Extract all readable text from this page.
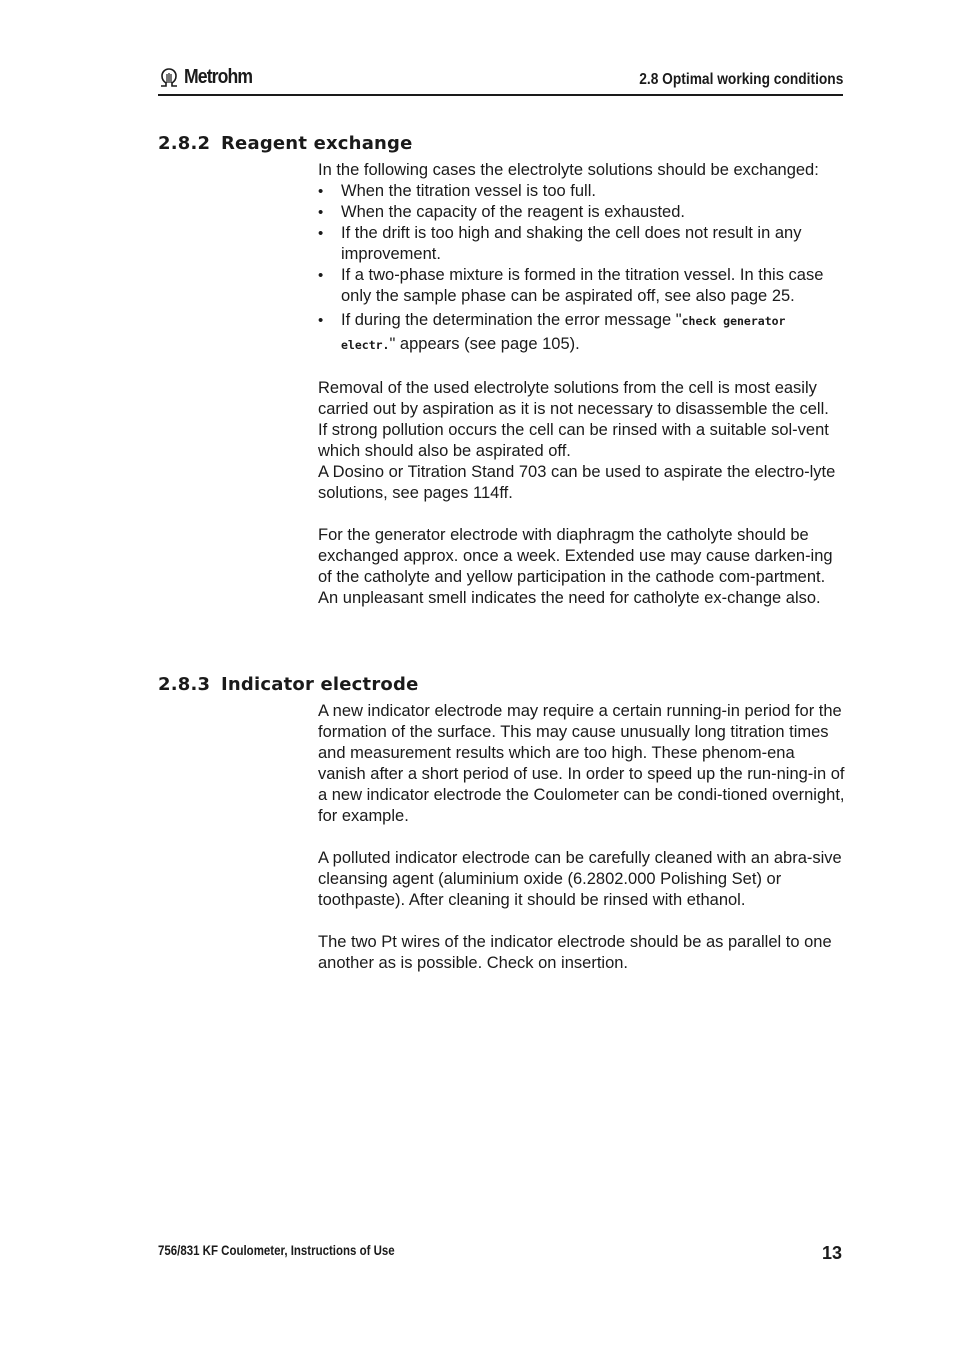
Metrohm	2.8 Optimal working conditions
2.8.2 Reagent exchange

In the following cases the electrolyte solutions should be exchanged:

• When the titration vessel is too full.
• When the capacity of the reagent is exhausted.
• If the drift is too high and shaking the cell does not result in any improvement.
• If a two-phase mixture is formed in the titration vessel. In this case only the sample phase can be aspirated off, see also page 25.
• If during the determination the error message "check generator electr." appears (see page 105).

Removal of the used electrolyte solutions from the cell is most easily carried out by aspiration as it is not necessary to disassemble the cell.

If strong pollution occurs the cell can be rinsed with a suitable sol-vent which should also be aspirated off.

A Dosino or Titration Stand 703 can be used to aspirate the electro-lyte solutions, see pages 114ff.

For the generator electrode with diaphragm the catholyte should be exchanged approx. once a week. Extended use may cause darken-ing of the catholyte and yellow participation in the cathode com-partment. An unpleasant smell indicates the need for catholyte ex-change also.

2.8.3 Indicator electrode

A new indicator electrode may require a certain running-in period for the formation of the surface. This may cause unusually long titration times and measurement results which are too high. These phenom-ena vanish after a short period of use. In order to speed up the run-ning-in of a new indicator electrode the Coulometer can be condi-tioned overnight, for example.

A polluted indicator electrode can be carefully cleaned with an abra-sive cleansing agent (aluminium oxide (6.2802.000 Polishing Set) or toothpaste). After cleaning it should be rinsed with ethanol.

The two Pt wires of the indicator electrode should be as parallel to one another as is possible. Check on insertion.

756/831 KF Coulometer, Instructions of Use	13
